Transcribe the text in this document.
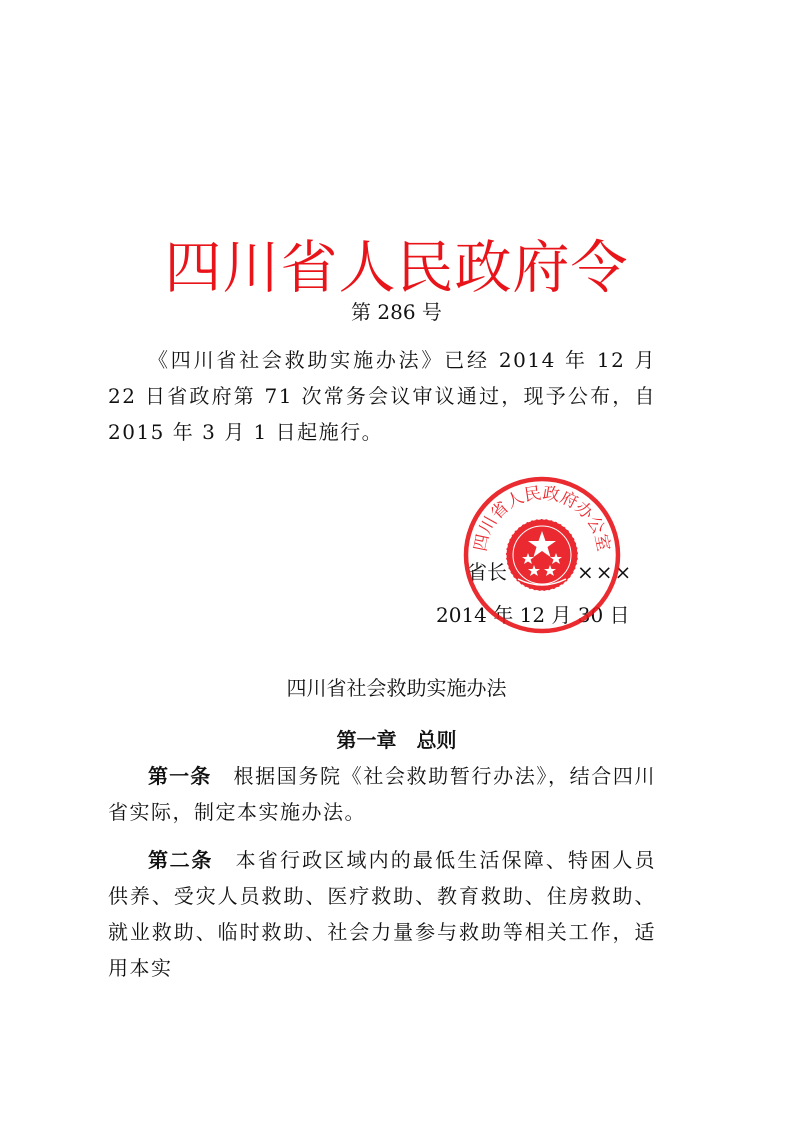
四川省人民政府令
第 286 号
《四川省社会救助实施办法》已经 2014 年 12 月 22 日省政府第 71 次常务会议审议通过，现予公布，自 2015 年 3 月 1 日起施行。
省长	×××
2014 年 12 月 30 日
四川省人民政府办公室
四川省社会救助实施办法
第一章　总则
第一条 根据国务院《社会救助暂行办法》，结合四川省实际，制定本实施办法。
第二条 本省行政区域内的最低生活保障、特困人员供养、受灾人员救助、医疗救助、教育救助、住房救助、就业救助、临时救助、社会力量参与救助等相关工作，适用本实
